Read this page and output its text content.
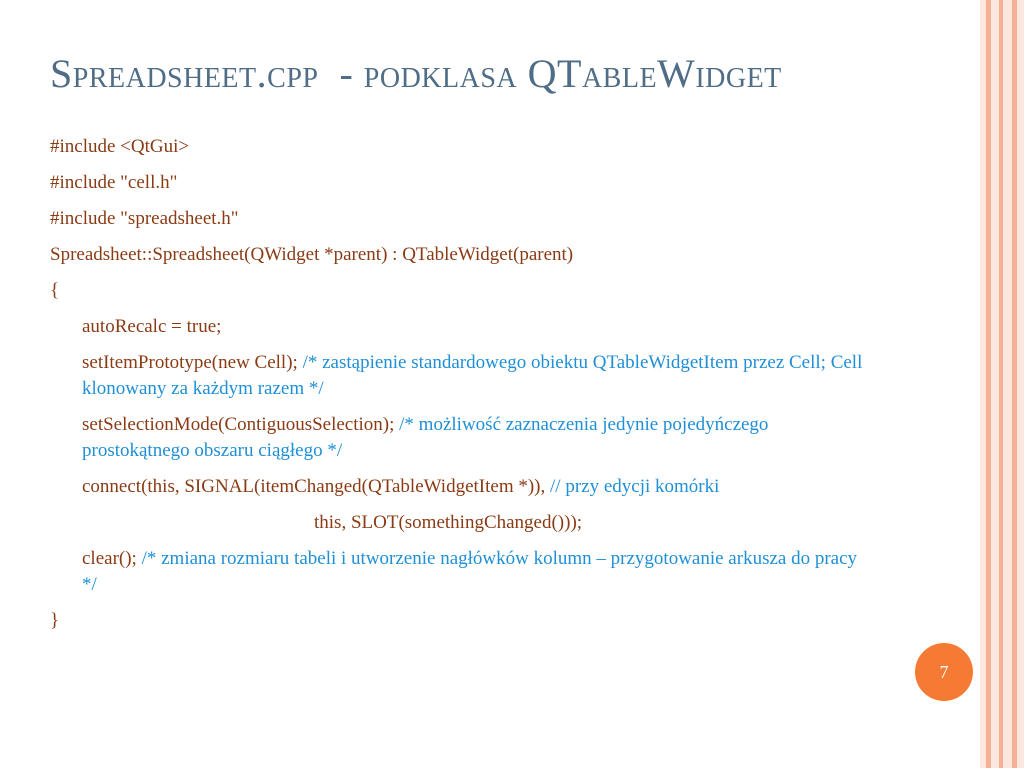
Spreadsheet.cpp  - podklasa QTableWidget

#include <QtGui>

#include "cell.h"

#include "spreadsheet.h"

Spreadsheet::Spreadsheet(QWidget *parent) : QTableWidget(parent)

{

autoRecalc = true;

setItemPrototype(new Cell); /* zastąpienie standardowego obiektu QTableWidgetItem przez Cell; Cell klonowany za każdym razem */

setSelectionMode(ContiguousSelection); /* możliwość zaznaczenia jedynie pojedyńczego prostokątnego obszaru ciągłego */

connect(this, SIGNAL(itemChanged(QTableWidgetItem *)), // przy edycji komórki

this, SLOT(somethingChanged()));

clear(); /* zmiana rozmiaru tabeli i utworzenie nagłówków kolumn – przygotowanie arkusza do pracy */

}

7
